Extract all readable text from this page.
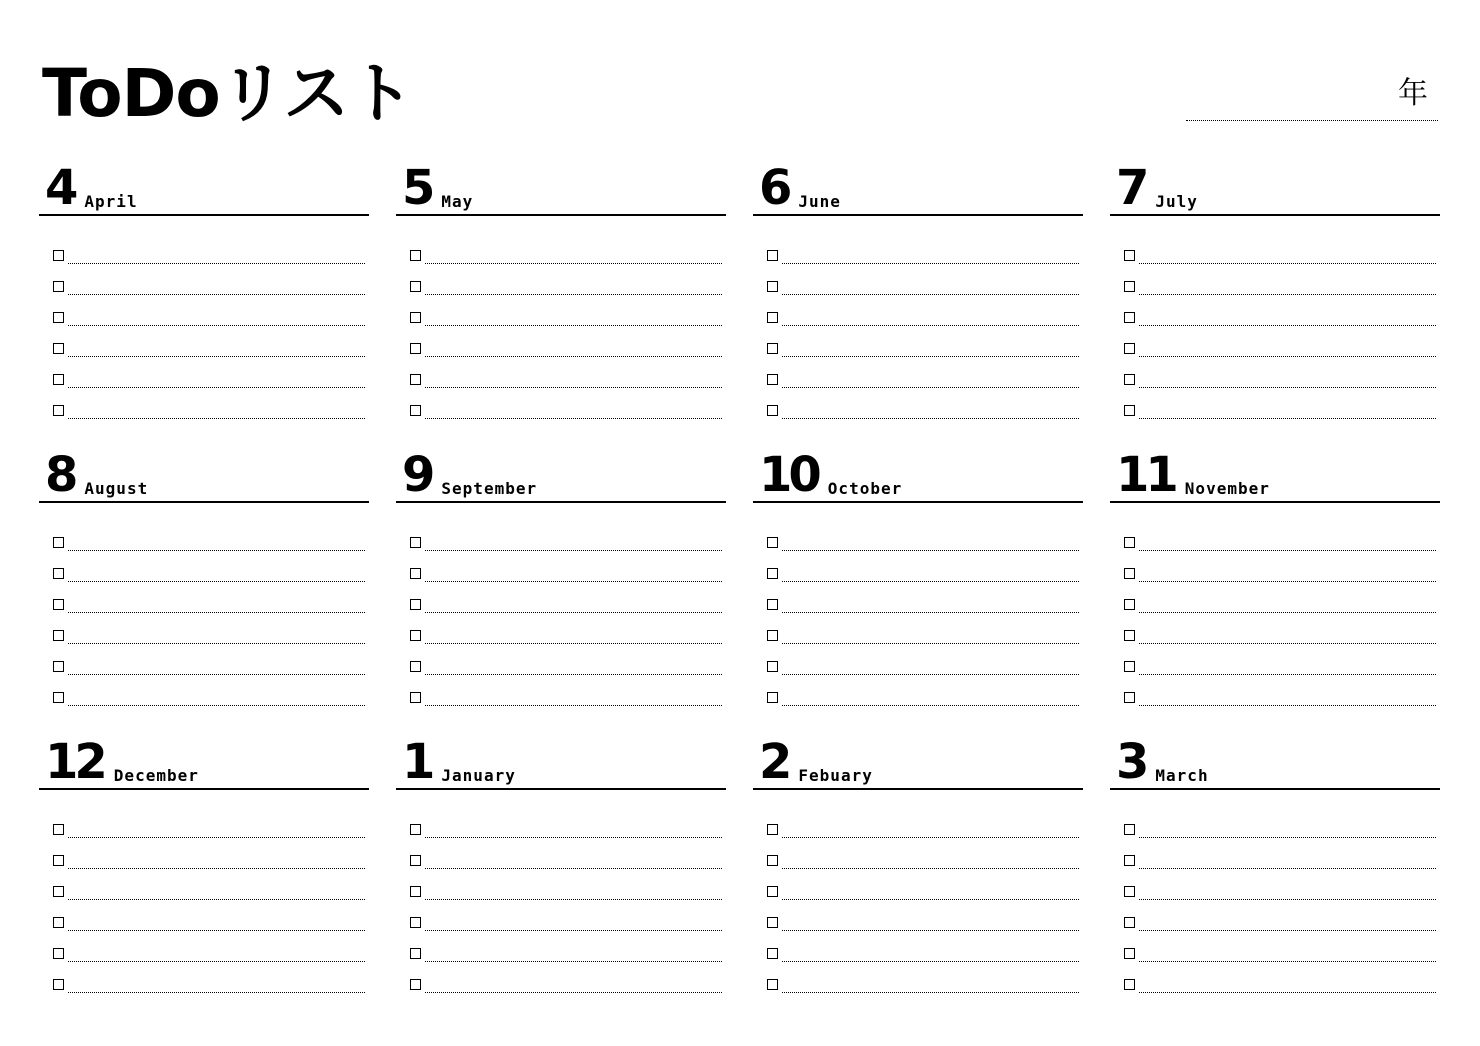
ToDoリスト	年
4 April	5 May	6 June	7 July
8 August	9 September	10 October	11 November
12 December	1 January	2 Febuary	3 March
